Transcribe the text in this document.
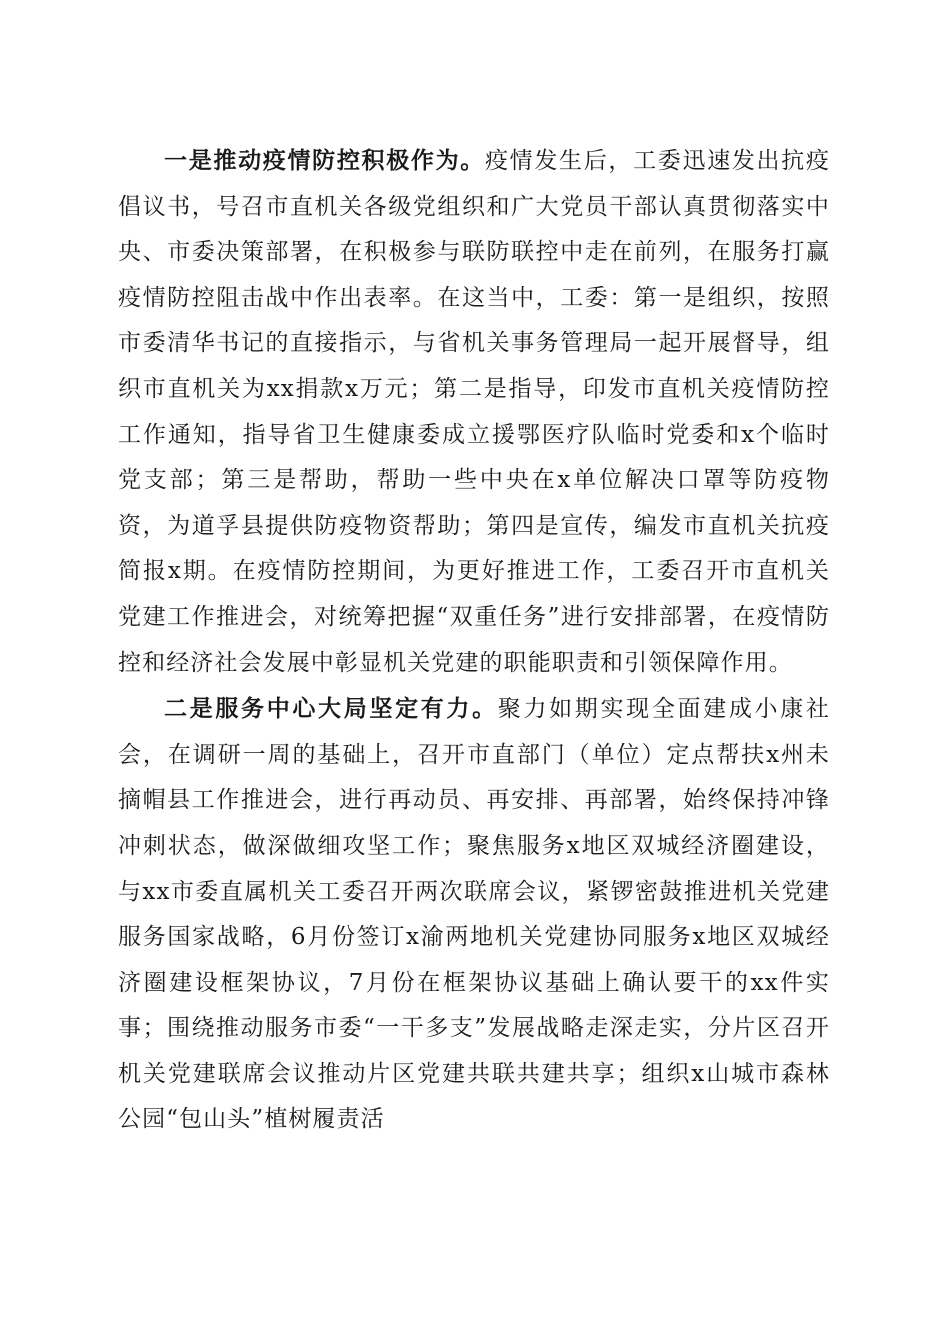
一是推动疫情防控积极作为。疫情发生后，工委迅速发出抗疫倡议书，号召市直机关各级党组织和广大党员干部认真贯彻落实中央、市委决策部署，在积极参与联防联控中走在前列，在服务打赢疫情防控阻击战中作出表率。在这当中，工委：第一是组织，按照市委清华书记的直接指示，与省机关事务管理局一起开展督导，组织市直机关为xx捐款x万元；第二是指导，印发市直机关疫情防控工作通知，指导省卫生健康委成立援鄂医疗队临时党委和x个临时党支部；第三是帮助，帮助一些中央在x单位解决口罩等防疫物资，为道孚县提供防疫物资帮助；第四是宣传，编发市直机关抗疫简报x期。在疫情防控期间，为更好推进工作，工委召开市直机关党建工作推进会，对统筹把握“双重任务”进行安排部署，在疫情防控和经济社会发展中彰显机关党建的职能职责和引领保障作用。

二是服务中心大局坚定有力。聚力如期实现全面建成小康社会，在调研一周的基础上，召开市直部门（单位）定点帮扶x州未摘帽县工作推进会，进行再动员、再安排、再部署，始终保持冲锋冲刺状态，做深做细攻坚工作；聚焦服务x地区双城经济圈建设，与xx市委直属机关工委召开两次联席会议，紧锣密鼓推进机关党建服务国家战略，6月份签订x渝两地机关党建协同服务x地区双城经济圈建设框架协议，7月份在框架协议基础上确认要干的xx件实事；围绕推动服务市委“一干多支”发展战略走深走实，分片区召开机关党建联席会议推动片区党建共联共建共享；组织x山城市森林公园“包山头”植树履责活
